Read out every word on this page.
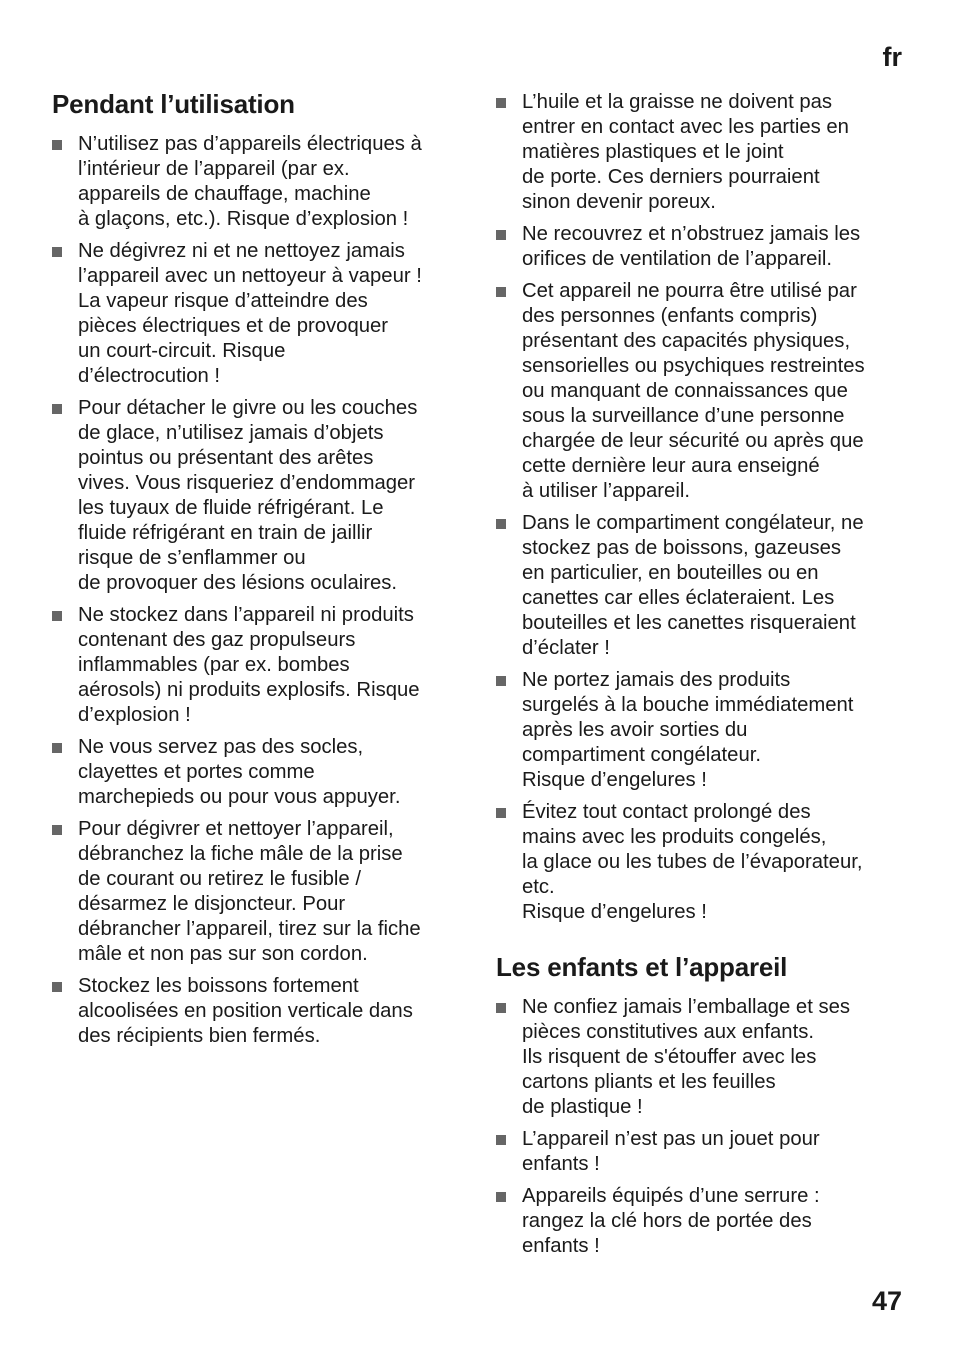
fr
Pendant l’utilisation
N’utilisez pas d’appareils électriques à
l’intérieur de l’appareil (par ex.
appareils de chauffage, machine
à glaçons, etc.). Risque d’explosion !
Ne dégivrez ni et ne nettoyez jamais
l’appareil avec un nettoyeur à vapeur !
La vapeur risque d’atteindre des
pièces électriques et de provoquer
un court-circuit. Risque
d’électrocution !
Pour détacher le givre ou les couches
de glace, n’utilisez jamais d’objets
pointus ou présentant des arêtes
vives. Vous risqueriez d’endommager
les tuyaux de fluide réfrigérant. Le
fluide réfrigérant en train de jaillir
risque de s’enflammer ou
de provoquer des lésions oculaires.
Ne stockez dans l’appareil ni produits
contenant des gaz propulseurs
inflammables (par ex. bombes
aérosols) ni produits explosifs. Risque
d’explosion !
Ne vous servez pas des socles,
clayettes et portes comme
marchepieds ou pour vous appuyer.
Pour dégivrer et nettoyer l’appareil,
débranchez la fiche mâle de la prise
de courant ou retirez le fusible /
désarmez le disjoncteur. Pour
débrancher l’appareil, tirez sur la fiche
mâle et non pas sur son cordon.
Stockez les boissons fortement
alcoolisées en position verticale dans
des récipients bien fermés.
L’huile et la graisse ne doivent pas
entrer en contact avec les parties en
matières plastiques et le joint
de porte. Ces derniers pourraient
sinon devenir poreux.
Ne recouvrez et n’obstruez jamais les
orifices de ventilation de l’appareil.
Cet appareil ne pourra être utilisé par
des personnes (enfants compris)
présentant des capacités physiques,
sensorielles ou psychiques restreintes
ou manquant de connaissances que
sous la surveillance d’une personne
chargée de leur sécurité ou après que
cette dernière leur aura enseigné
à utiliser l’appareil.
Dans le compartiment congélateur, ne
stockez pas de boissons, gazeuses
en particulier, en bouteilles ou en
canettes car elles éclateraient. Les
bouteilles et les canettes risqueraient
d’éclater !
Ne portez jamais des produits
surgelés à la bouche immédiatement
après les avoir sorties du
compartiment congélateur.
Risque d’engelures !
Évitez tout contact prolongé des
mains avec les produits congelés,
la glace ou les tubes de l’évaporateur,
etc.
Risque d’engelures !
Les enfants et l’appareil
Ne confiez jamais l’emballage et ses
pièces constitutives aux enfants.
Ils risquent de s'étouffer avec les
cartons pliants et les feuilles
de plastique !
L’appareil n’est pas un jouet pour
enfants !
Appareils équipés d’une serrure :
rangez la clé hors de portée des
enfants !
47
